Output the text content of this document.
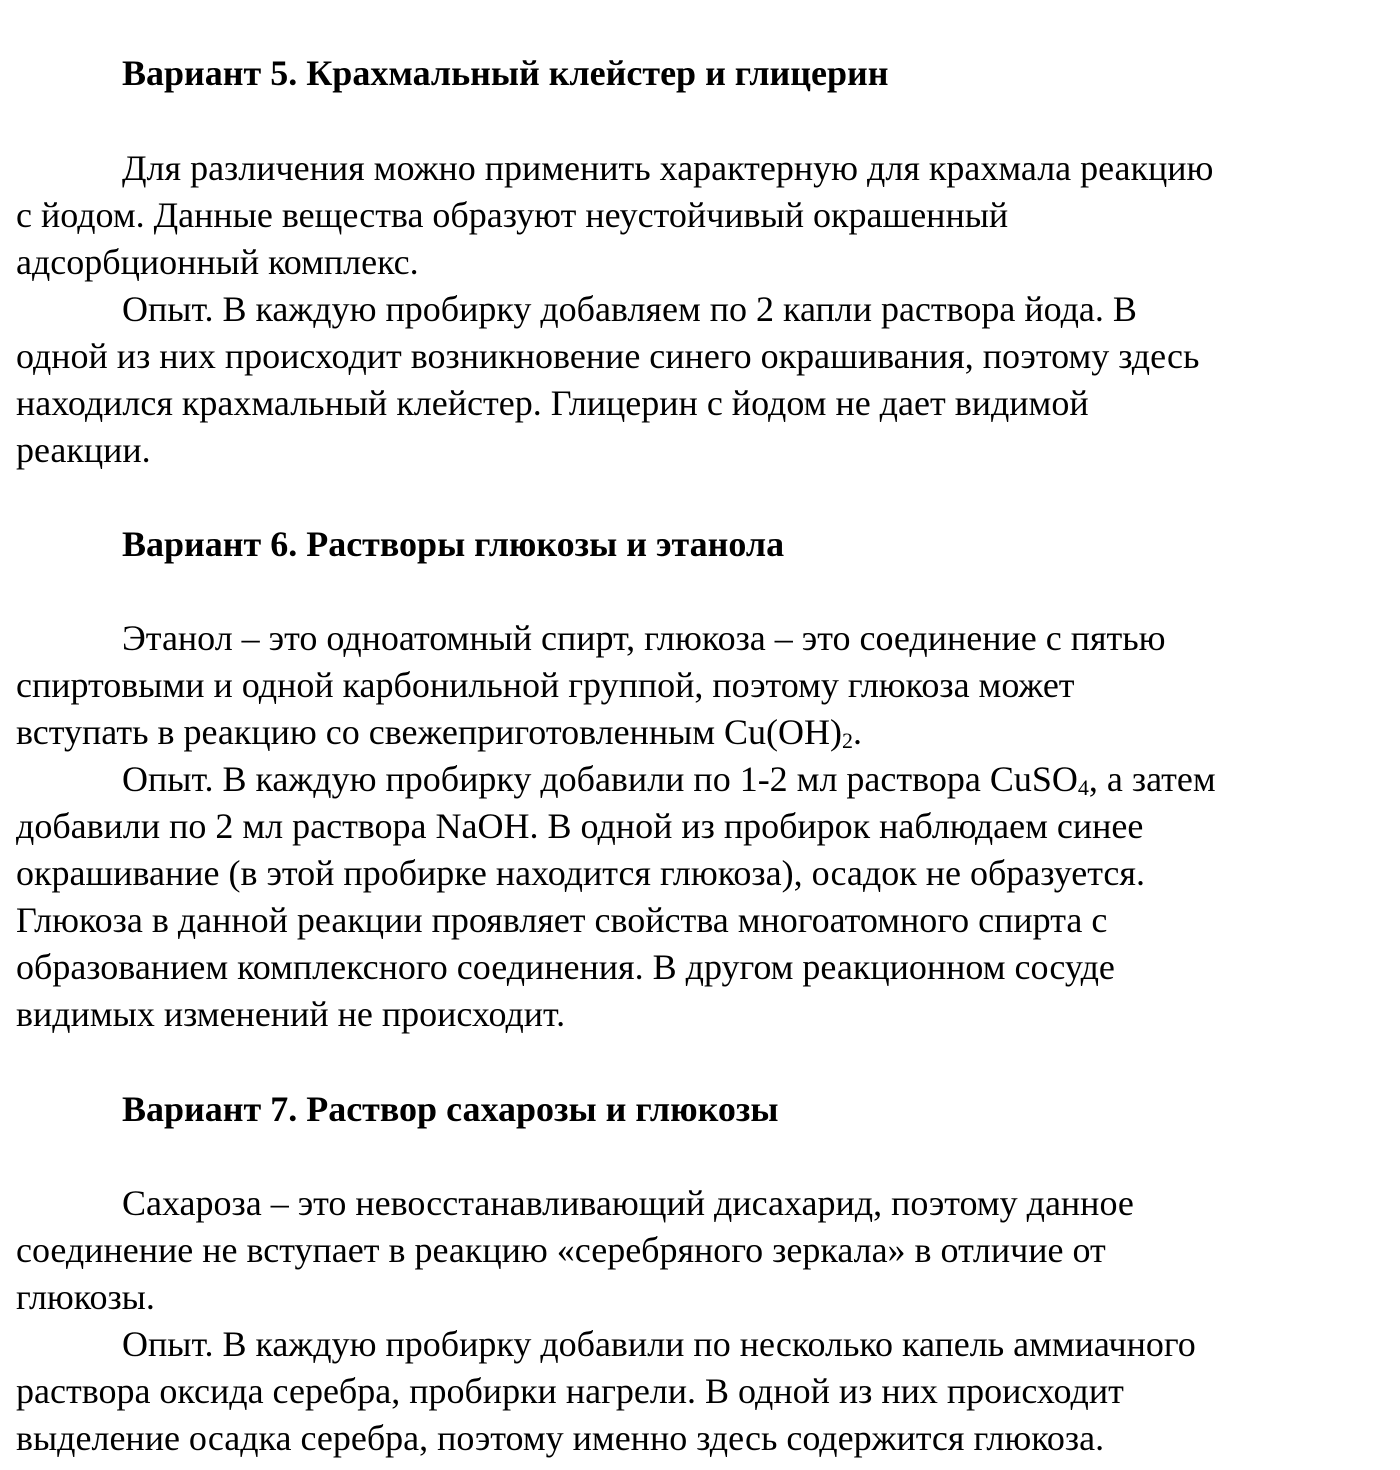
Вариант 5. Крахмальный клейстер и глицерин
Для различения можно применить характерную для крахмала реакцию
с йодом. Данные вещества образуют неустойчивый окрашенный
адсорбционный комплекс.
Опыт. В каждую пробирку добавляем по 2 капли раствора йода. В
одной из них происходит возникновение синего окрашивания, поэтому здесь
находился крахмальный клейстер. Глицерин с йодом не дает видимой
реакции.
Вариант 6. Растворы глюкозы и этанола
Этанол – это одноатомный спирт, глюкоза – это соединение с пятью
спиртовыми и одной карбонильной группой, поэтому глюкоза может
вступать в реакцию со свежеприготовленным $Cu(OH)_2$.
Опыт. В каждую пробирку добавили по 1-2 мл раствора CuSO$_4$, а затем
добавили по 2 мл раствора NaOH. В одной из пробирок наблюдаем синее
окрашивание (в этой пробирке находится глюкоза), осадок не образуется.
Глюкоза в данной реакции проявляет свойства многоатомного спирта с
образованием комплексного соединения. В другом реакционном сосуде
видимых изменений не происходит.
Вариант 7. Раствор сахарозы и глюкозы
Сахароза – это невосстанавливающий дисахарид, поэтому данное
соединение не вступает в реакцию «серебряного зеркала» в отличие от
глюкозы.
Опыт. В каждую пробирку добавили по несколько капель аммиачного
раствора оксида серебра, пробирки нагрели. В одной из них происходит
выделение осадка серебра, поэтому именно здесь содержится глюкоза.
